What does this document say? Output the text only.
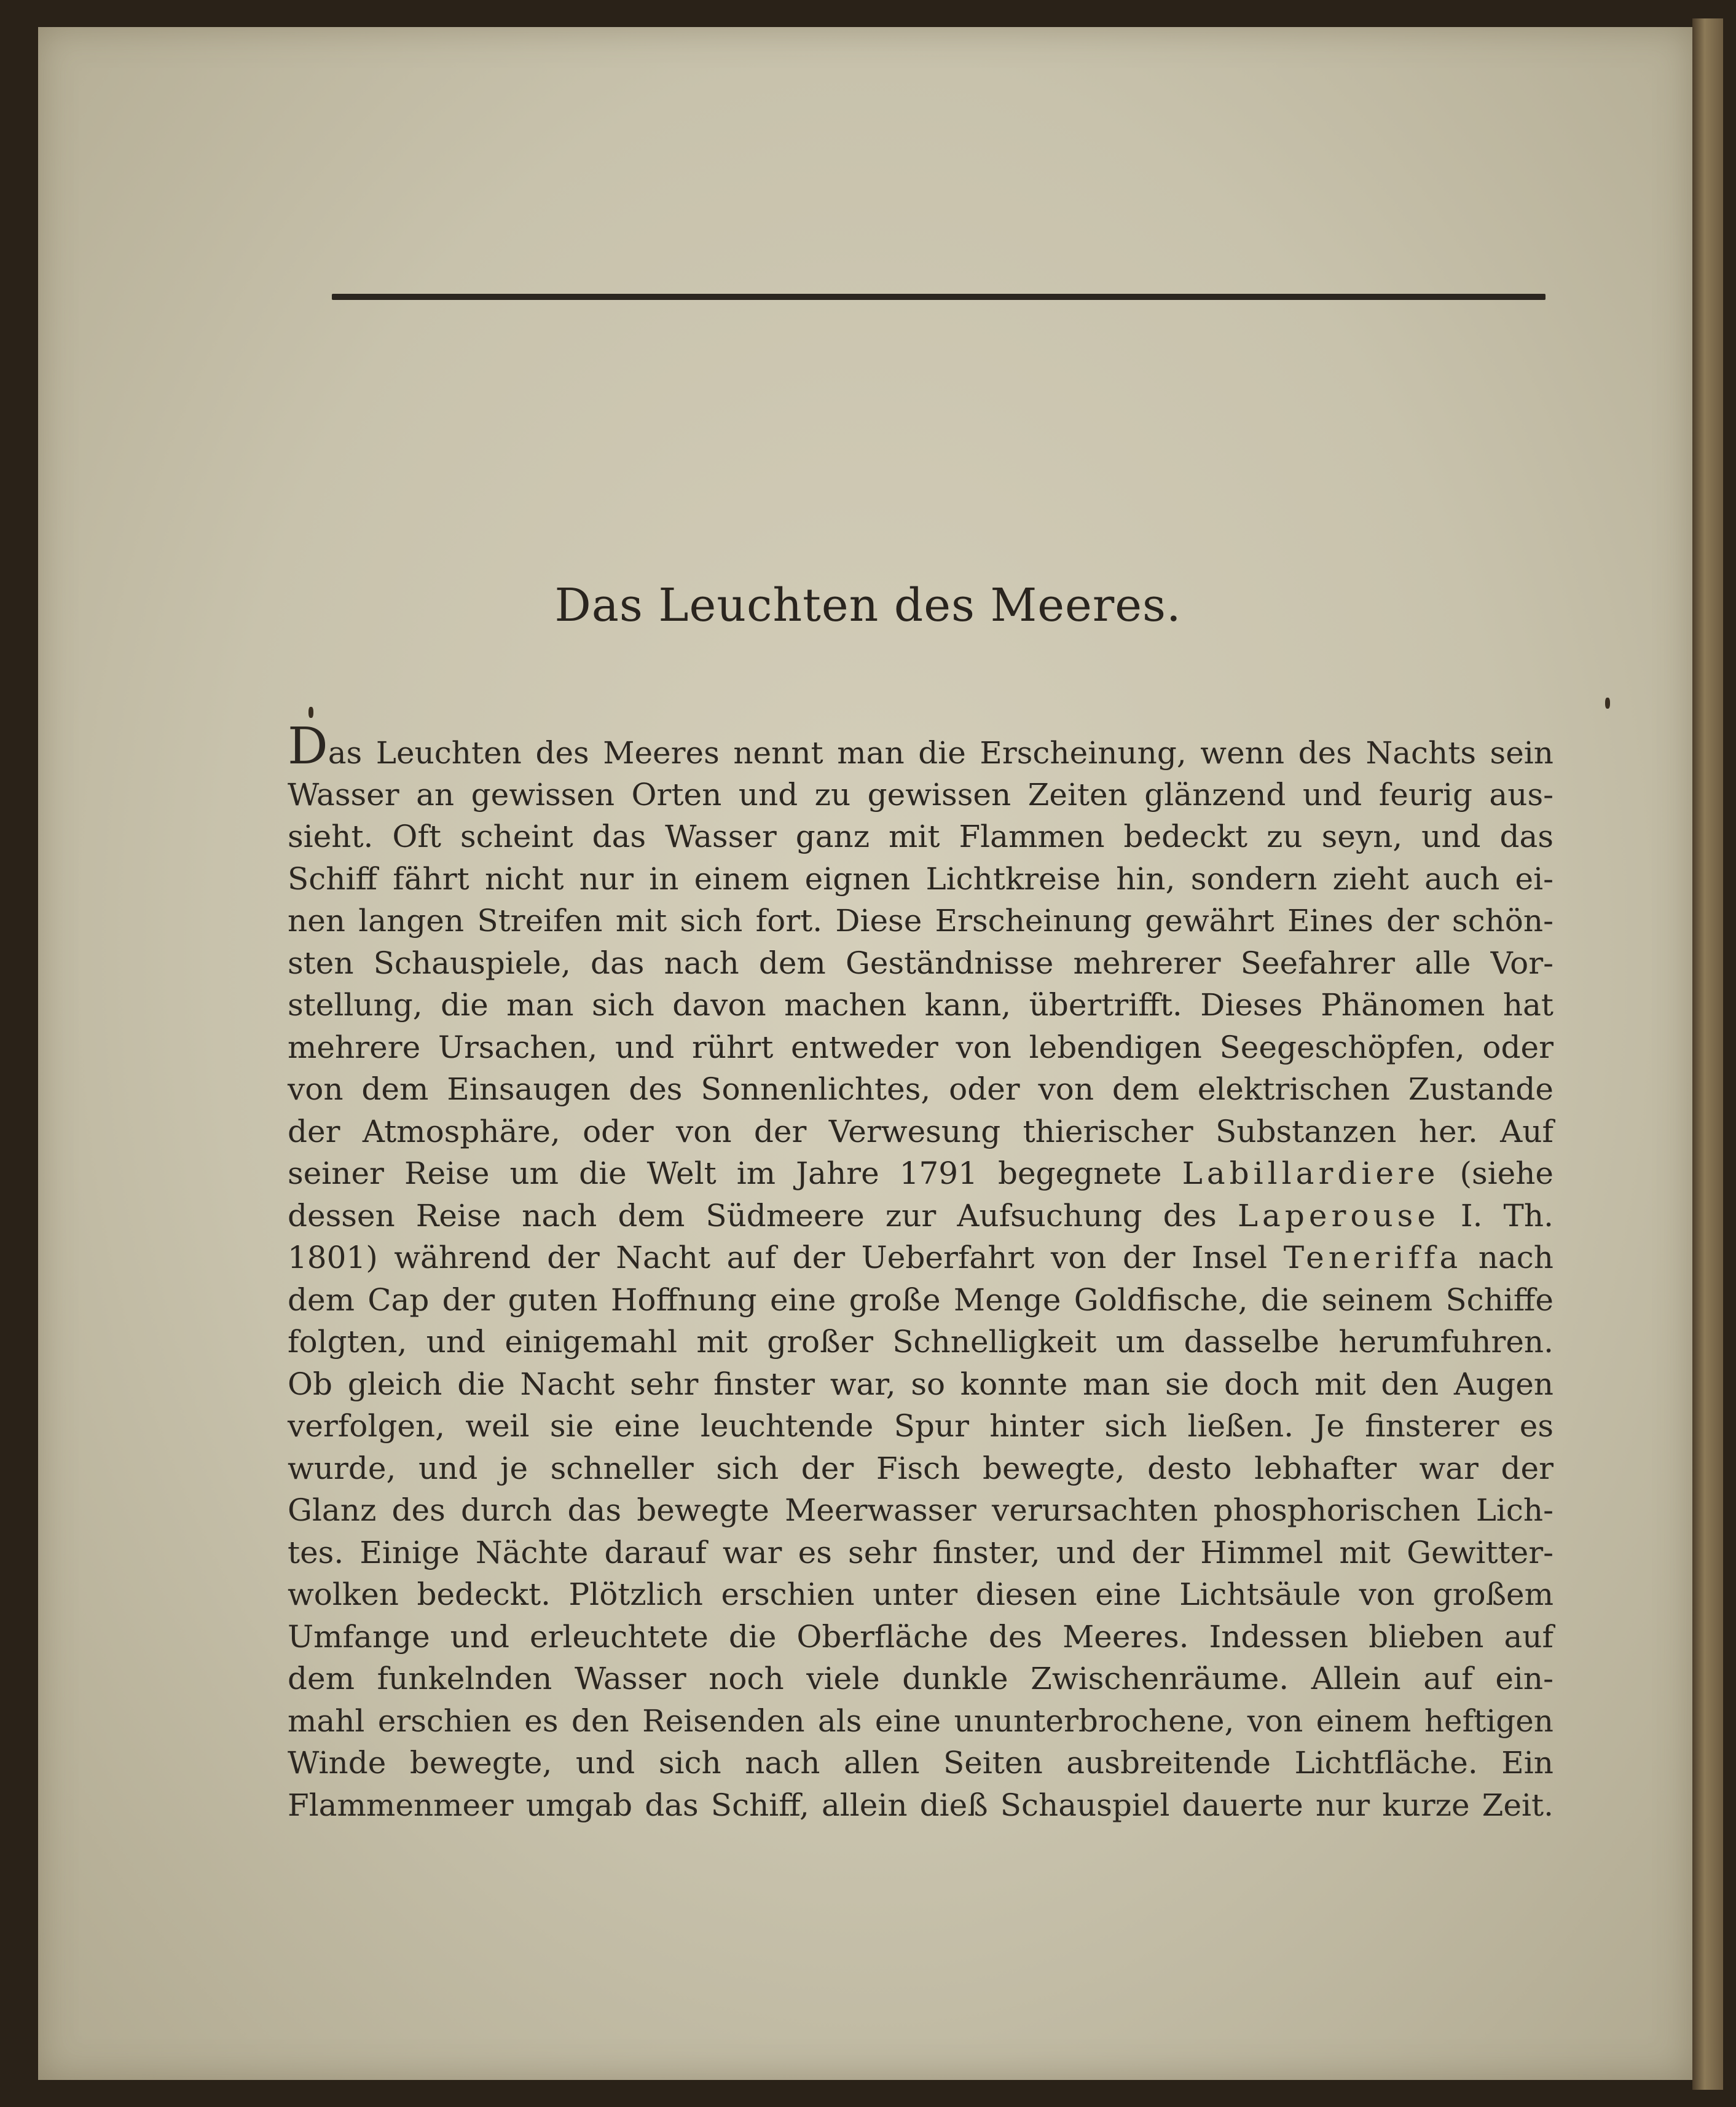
Das Leuchten des Meeres.
Das Leuchten des Meeres nennt man die Erscheinung, wenn des Nachts sein
Wasser an gewissen Orten und zu gewissen Zeiten glänzend und feurig aus-
sieht. Oft scheint das Wasser ganz mit Flammen bedeckt zu seyn, und das
Schiff fährt nicht nur in einem eignen Lichtkreise hin, sondern zieht auch ei-
nen langen Streifen mit sich fort. Diese Erscheinung gewährt Eines der schön-
sten Schauspiele, das nach dem Geständnisse mehrerer Seefahrer alle Vor-
stellung, die man sich davon machen kann, übertrifft. Dieses Phänomen hat
mehrere Ursachen, und rührt entweder von lebendigen Seegeschöpfen, oder
von dem Einsaugen des Sonnenlichtes, oder von dem elektrischen Zustande
der Atmosphäre, oder von der Verwesung thierischer Substanzen her. Auf
seiner Reise um die Welt im Jahre 1791 begegnete Labillardiere (siehe
dessen Reise nach dem Südmeere zur Aufsuchung des Laperouse I. Th.
1801) während der Nacht auf der Ueberfahrt von der Insel Teneriffa nach
dem Cap der guten Hoffnung eine große Menge Goldfische, die seinem Schiffe
folgten, und einigemahl mit großer Schnelligkeit um dasselbe herumfuhren.
Ob gleich die Nacht sehr finster war, so konnte man sie doch mit den Augen
verfolgen, weil sie eine leuchtende Spur hinter sich ließen. Je finsterer es
wurde, und je schneller sich der Fisch bewegte, desto lebhafter war der
Glanz des durch das bewegte Meerwasser verursachten phosphorischen Lich-
tes. Einige Nächte darauf war es sehr finster, und der Himmel mit Gewitter-
wolken bedeckt. Plötzlich erschien unter diesen eine Lichtsäule von großem
Umfange und erleuchtete die Oberfläche des Meeres. Indessen blieben auf
dem funkelnden Wasser noch viele dunkle Zwischenräume. Allein auf ein-
mahl erschien es den Reisenden als eine ununterbrochene, von einem heftigen
Winde bewegte, und sich nach allen Seiten ausbreitende Lichtfläche. Ein
Flammenmeer umgab das Schiff, allein dieß Schauspiel dauerte nur kurze Zeit.
